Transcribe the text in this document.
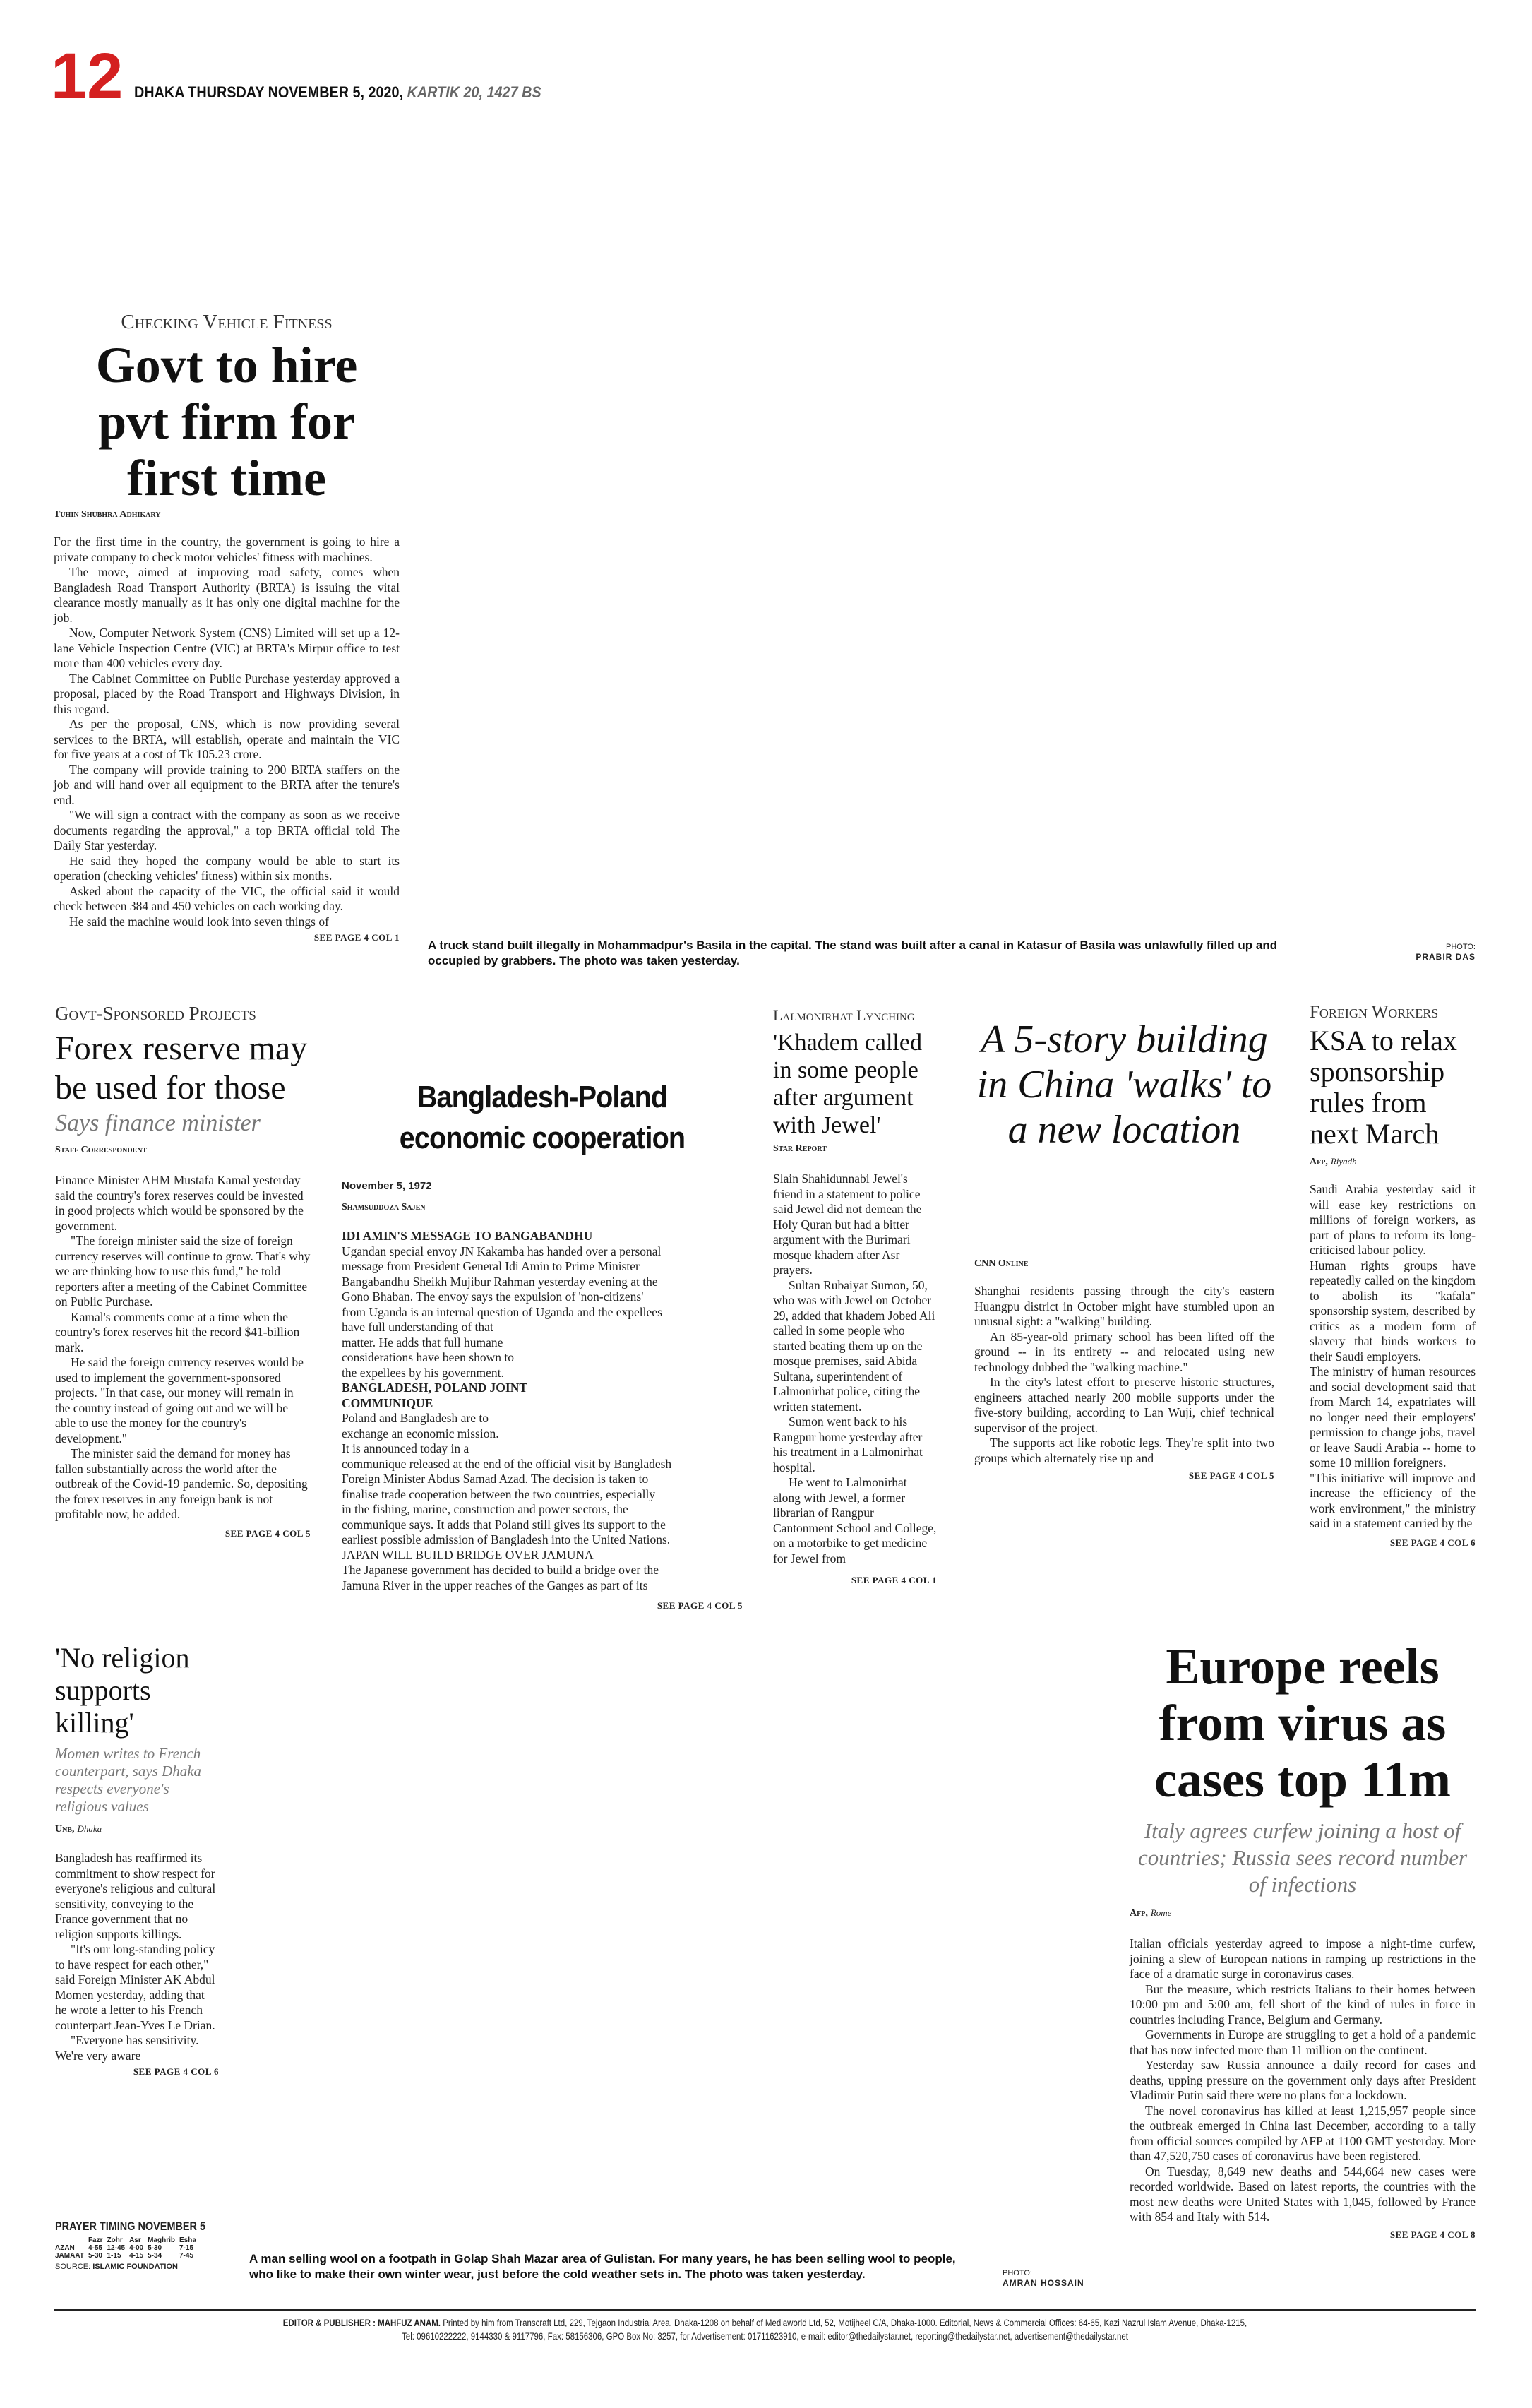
12 DHAKA THURSDAY NOVEMBER 5, 2020, KARTIK 20, 1427 BS
Checking Vehicle Fitness
Govt to hire pvt firm for first time
Tuhin Shubhra Adhikary

For the first time in the country, the government is going to hire a private company to check motor vehicles' fitness with machines.

The move, aimed at improving road safety, comes when Bangladesh Road Transport Authority (BRTA) is issuing the vital clearance mostly manually as it has only one digital machine for the job.

Now, Computer Network System (CNS) Limited will set up a 12-lane Vehicle Inspection Centre (VIC) at BRTA's Mirpur office to test more than 400 vehicles every day.

The Cabinet Committee on Public Purchase yesterday approved a proposal, placed by the Road Transport and Highways Division, in this regard.

As per the proposal, CNS, which is now providing several services to the BRTA, will establish, operate and maintain the VIC for five years at a cost of Tk 105.23 crore.

The company will provide training to 200 BRTA staffers on the job and will hand over all equipment to the BRTA after the tenure's end.

"We will sign a contract with the company as soon as we receive documents regarding the approval," a top BRTA official told The Daily Star yesterday.

He said they hoped the company would be able to start its operation (checking vehicles' fitness) within six months.

Asked about the capacity of the VIC, the official said it would check between 384 and 450 vehicles on each working day.

He said the machine would look into seven things of

SEE PAGE 4 COL 1
A truck stand built illegally in Mohammadpur's Basila in the capital. The stand was built after a canal in Katasur of Basila was unlawfully filled up and occupied by grabbers. The photo was taken yesterday.
PHOTO:
PRABIR DAS
Govt-Sponsored Projects
Forex reserve may be used for those
Says finance minister
Staff Correspondent

Finance Minister AHM Mustafa Kamal yesterday said the country's forex reserves could be invested in good projects which would be sponsored by the government.

"The foreign minister said the size of foreign currency reserves will continue to grow. That's why we are thinking how to use this fund," he told reporters after a meeting of the Cabinet Committee on Public Purchase.

Kamal's comments come at a time when the country's forex reserves hit the record $41-billion mark.

He said the foreign currency reserves would be used to implement the government-sponsored projects. "In that case, our money will remain in the country instead of going out and we will be able to use the money for the country's development."

The minister said the demand for money has fallen substantially across the world after the outbreak of the Covid-19 pandemic. So, depositing the forex reserves in any foreign bank is not profitable now, he added.

SEE PAGE 4 COL 5
Bangladesh-Poland economic cooperation
November 5, 1972
Shamsuddoza Sajen
IDI AMIN'S MESSAGE TO BANGABANDHU
Ugandan special envoy JN Kakamba has handed over a personal
message from President General Idi Amin to Prime Minister
Bangabandhu Sheikh Mujibur Rahman yesterday evening at the
Gono Bhaban. The envoy says the expulsion of 'non-citizens'
from Uganda is an internal question of Uganda and the expellees
have full understanding of that
matter. He adds that full humane
considerations have been shown to
the expellees by his government.
BANGLADESH, POLAND JOINT
COMMUNIQUE
Poland and Bangladesh are to
exchange an economic mission.
It is announced today in a
communique released at the end of the official visit by Bangladesh
Foreign Minister Abdus Samad Azad. The decision is taken to
finalise trade cooperation between the two countries, especially
in the fishing, marine, construction and power sectors, the
communique says. It adds that Poland still gives its support to the
earliest possible admission of Bangladesh into the United Nations.
JAPAN WILL BUILD BRIDGE OVER JAMUNA
The Japanese government has decided to build a bridge over the
Jamuna River in the upper reaches of the Ganges as part of its
SEE PAGE 4 COL 5
Lalmonirhat Lynching
'Khadem called in some people after argument with Jewel'
Star Report

Slain Shahidunnabi Jewel's friend in a statement to police said Jewel did not demean the Holy Quran but had a bitter argument with the Burimari mosque khadem after Asr prayers.

Sultan Rubaiyat Sumon, 50, who was with Jewel on October 29, added that khadem Jobed Ali called in some people who started beating them up on the mosque premises, said Abida Sultana, superintendent of Lalmonirhat police, citing the written statement.

Sumon went back to his Rangpur home yesterday after his treatment in a Lalmonirhat hospital.

He went to Lalmonirhat along with Jewel, a former librarian of Rangpur Cantonment School and College, on a motorbike to get medicine for Jewel from

SEE PAGE 4 COL 1
A 5-story building in China 'walks' to a new location
CNN Online

Shanghai residents passing through the city's eastern Huangpu district in October might have stumbled upon an unusual sight: a "walking" building.

An 85-year-old primary school has been lifted off the ground -- in its entirety -- and relocated using new technology dubbed the "walking machine."

In the city's latest effort to preserve historic structures, engineers attached nearly 200 mobile supports under the five-story building, according to Lan Wuji, chief technical supervisor of the project.

The supports act like robotic legs. They're split into two groups which alternately rise up and

SEE PAGE 4 COL 5
Foreign Workers
KSA to relax sponsorship rules from next March
Afp, Riyadh

Saudi Arabia yesterday said it will ease key restrictions on millions of foreign workers, as part of plans to reform its long-criticised labour policy.

Human rights groups have repeatedly called on the kingdom to abolish its "kafala" sponsorship system, described by critics as a modern form of slavery that binds workers to their Saudi employers.

The ministry of human resources and social development said that from March 14, expatriates will no longer need their employers' permission to change jobs, travel or leave Saudi Arabia -- home to some 10 million foreigners.

"This initiative will improve and increase the efficiency of the work environment," the ministry said in a statement carried by the

SEE PAGE 4 COL 6
'No religion supports killing'
Momen writes to French counterpart, says Dhaka respects everyone's religious values
Unb, Dhaka

Bangladesh has reaffirmed its commitment to show respect for everyone's religious and cultural sensitivity, conveying to the France government that no religion supports killings.

"It's our long-standing policy to have respect for each other," said Foreign Minister AK Abdul Momen yesterday, adding that he wrote a letter to his French counterpart Jean-Yves Le Drian.

"Everyone has sensitivity. We're very aware

SEE PAGE 4 COL 6
PRAYER TIMING NOVEMBER 5
	Fazr	Zohr	Asr	Maghrib	Esha
AZAN	4-55	12-45	4-00	5-30	7-15
JAMAAT	5-30	1-15	4-15	5-34	7-45
SOURCE: ISLAMIC FOUNDATION
A man selling wool on a footpath in Golap Shah Mazar area of Gulistan. For many years, he has been selling wool to people, who like to make their own winter wear, just before the cold weather sets in. The photo was taken yesterday.	PHOTO:
AMRAN HOSSAIN
Europe reels from virus as cases top 11m
Italy agrees curfew joining a host of countries; Russia sees record number of infections
Afp, Rome

Italian officials yesterday agreed to impose a night-time curfew, joining a slew of European nations in ramping up restrictions in the face of a dramatic surge in coronavirus cases.

But the measure, which restricts Italians to their homes between 10:00 pm and 5:00 am, fell short of the kind of rules in force in countries including France, Belgium and Germany.

Governments in Europe are struggling to get a hold of a pandemic that has now infected more than 11 million on the continent.

Yesterday saw Russia announce a daily record for cases and deaths, upping pressure on the government only days after President Vladimir Putin said there were no plans for a lockdown.

The novel coronavirus has killed at least 1,215,957 people since the outbreak emerged in China last December, according to a tally from official sources compiled by AFP at 1100 GMT yesterday. More than 47,520,750 cases of coronavirus have been registered.

On Tuesday, 8,649 new deaths and 544,664 new cases were recorded worldwide. Based on latest reports, the countries with the most new deaths were United States with 1,045, followed by France with 854 and Italy with 514.

SEE PAGE 4 COL 8
EDITOR & PUBLISHER : MAHFUZ ANAM. Printed by him from Transcraft Ltd, 229, Tejgaon Industrial Area, Dhaka-1208 on behalf of Mediaworld Ltd, 52, Motijheel C/A, Dhaka-1000. Editorial, News & Commercial Offices: 64-65, Kazi Nazrul Islam Avenue, Dhaka-1215,
Tel: 09610222222, 9144330 & 9117796, Fax: 58156306, GPO Box No: 3257, for Advertisement: 01711623910, e-mail: editor@thedailystar.net, reporting@thedailystar.net, advertisement@thedailystar.net
